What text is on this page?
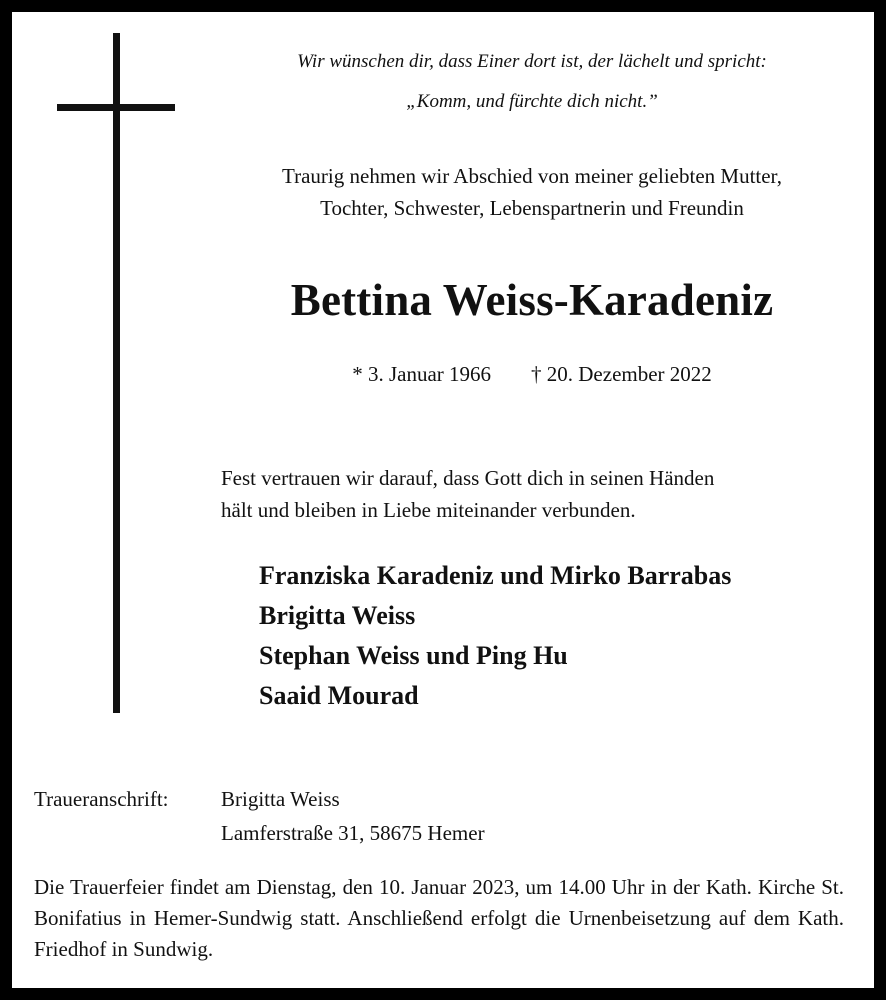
Wir wünschen dir, dass Einer dort ist, der lächelt und spricht:
„Komm, und fürchte dich nicht.”
Traurig nehmen wir Abschied von meiner geliebten Mutter,
Tochter, Schwester, Lebenspartnerin und Freundin
Bettina Weiss-Karadeniz
* 3. Januar 1966 † 20. Dezember 2022
Fest vertrauen wir darauf, dass Gott dich in seinen Händen
hält und bleiben in Liebe miteinander verbunden.
Franziska Karadeniz und Mirko Barrabas
Brigitta Weiss
Stephan Weiss und Ping Hu
Saaid Mourad
Traueranschrift: Brigitta Weiss
Lamferstraße 31, 58675 Hemer
Die Trauerfeier findet am Dienstag, den 10. Januar 2023, um 14.00 Uhr in der Kath. Kirche St. Bonifatius in Hemer-Sundwig statt. Anschließend erfolgt die Urnenbeisetzung auf dem Kath. Friedhof in Sundwig.
